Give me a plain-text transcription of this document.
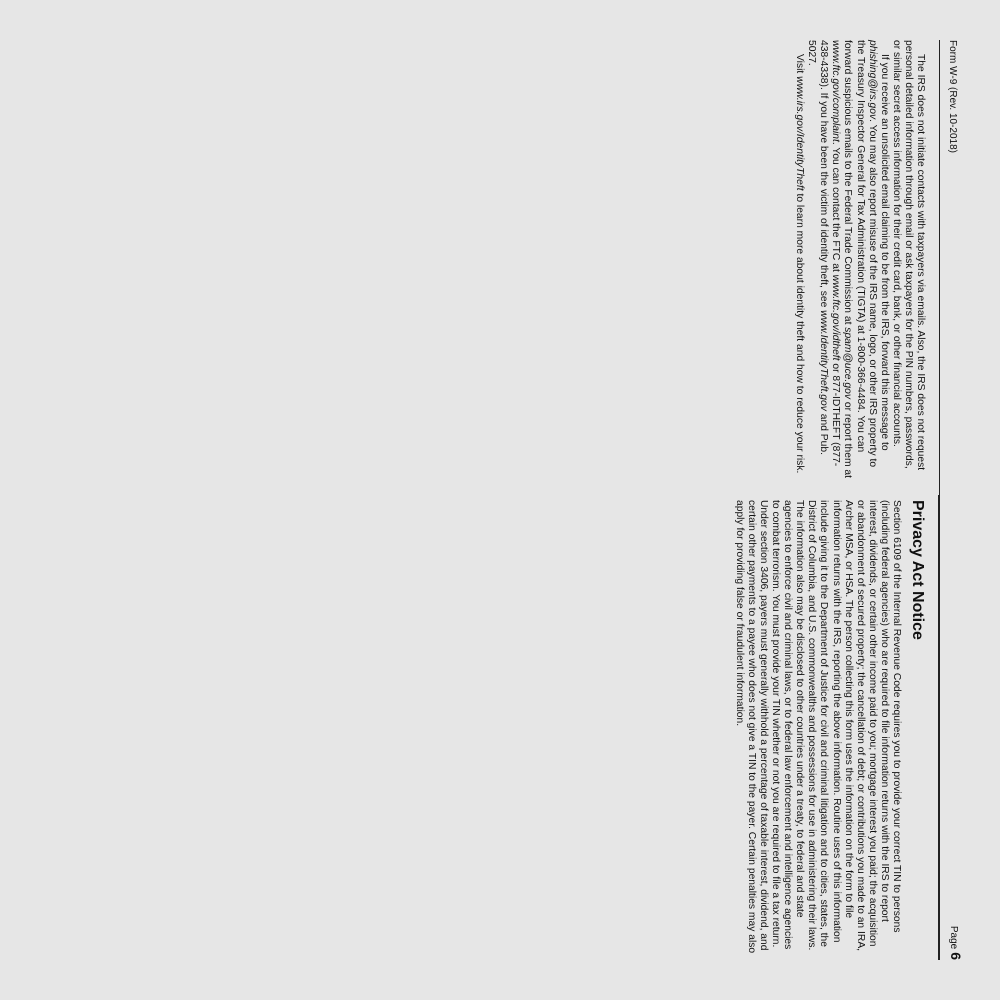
Form W-9 (Rev. 10-2018)
Page6

The IRS does not initiate contacts with taxpayers via emails. Also, the IRS does not request personal detailed information through email or ask taxpayers for the PIN numbers, passwords, or similar secret access information for their credit card, bank, or other financial accounts.

If you receive an unsolicited email claiming to be from the IRS, forward this message to phishing@irs.gov. You may also report misuse of the IRS name, logo, or other IRS property to the Treasury Inspector General for Tax Administration (TIGTA) at 1-800-366-4484. You can forward suspicious emails to the Federal Trade Commission at spam@uce.gov or report them at www.ftc.gov/complaint. You can contact the FTC at www.ftc.gov/idtheft or 877-IDTHEFT (877-438-4338). If you have been the victim of identity theft, see www.IdentityTheft.gov and Pub. 5027.

Visit www.irs.gov/IdentityTheft to learn more about identity theft and how to reduce your risk.

Privacy Act Notice

Section 6109 of the Internal Revenue Code requires you to provide your correct TIN to persons (including federal agencies) who are required to file information returns with the IRS to report interest, dividends, or certain other income paid to you; mortgage interest you paid; the acquisition or abandonment of secured property; the cancellation of debt; or contributions you made to an IRA, Archer MSA, or HSA. The person collecting this form uses the information on the form to file information returns with the IRS, reporting the above information. Routine uses of this information include giving it to the Department of Justice for civil and criminal litigation and to cities, states, the District of Columbia, and U.S. commonwealths and possessions for use in administering their laws. The information also may be disclosed to other countries under a treaty, to federal and state agencies to enforce civil and criminal laws, or to federal law enforcement and intelligence agencies to combat terrorism. You must provide your TIN whether or not you are required to file a tax return. Under section 3406, payers must generally withhold a percentage of taxable interest, dividend, and certain other payments to a payee who does not give a TIN to the payer. Certain penalties may also apply for providing false or fraudulent information.
